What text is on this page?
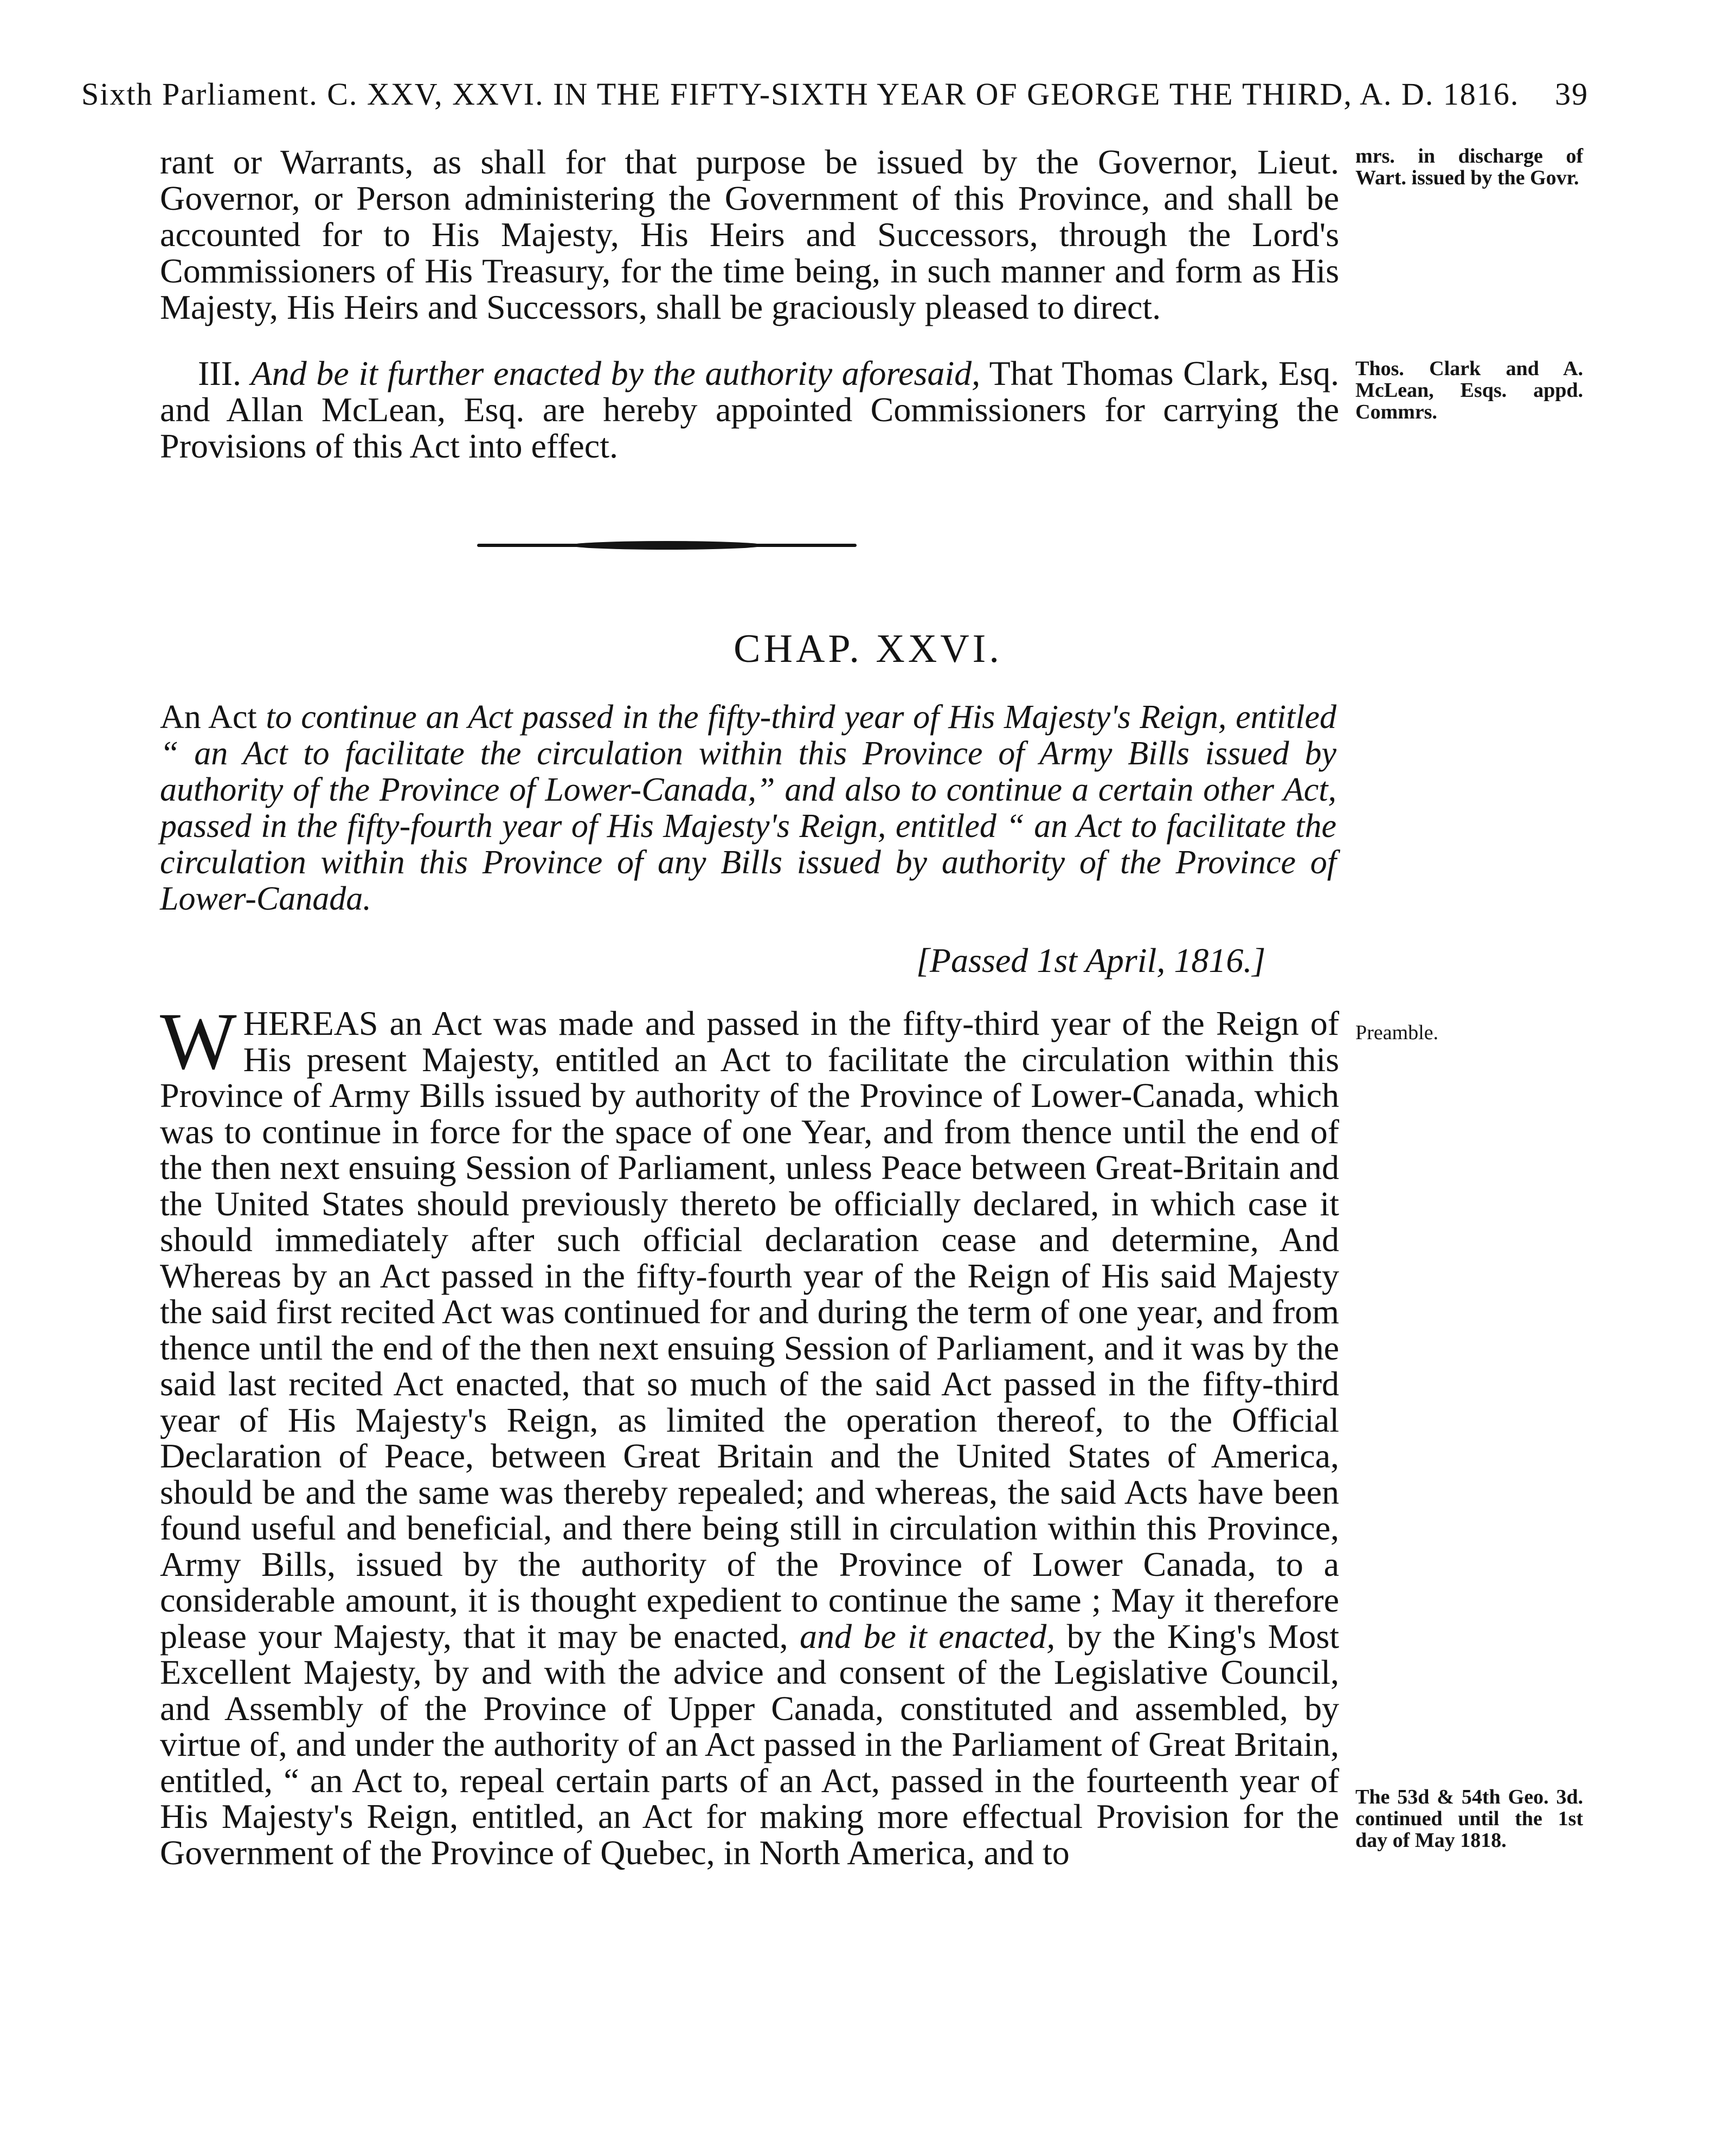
Sixth Parliament. C. XXV, XXVI. IN THE FIFTY-SIXTH YEAR OF GEORGE THE THIRD, A. D. 1816. 39

rant or Warrants, as shall for that purpose be issued by the Governor, Lieut. Governor, or Person administering the Government of this Province, and shall be accounted for to His Majesty, His Heirs and Successors, through the Lord's Commissioners of His Treasury, for the time being, in such manner and form as His Majesty, His Heirs and Successors, shall be graciously pleased to direct.

mrs. in discharge of Wart. issued by the Govr.

III. And be it further enacted by the authority aforesaid, That Thomas Clark, Esq. and Allan McLean, Esq. are hereby appointed Commissioners for carrying the Provisions of this Act into effect.

Thos. Clark and A. McLean, Esqs. appd. Commrs.
CHAP. XXVI.
An Act to continue an Act passed in the fifty-third year of His Majesty's Reign, entitled “ an Act to facilitate the circulation within this Province of Army Bills issued by authority of the Province of Lower-Canada,” and also to continue a certain other Act, passed in the fifty-fourth year of His Majesty's Reign, entitled “ an Act to facilitate the circulation within this Province of any Bills issued by authority of the Province of Lower-Canada.
[Passed 1st April, 1816.]
WHEREAS an Act was made and passed in the fifty-third year of the Reign of His present Majesty, entitled an Act to facilitate the circulation within this Province of Army Bills issued by authority of the Province of Lower-Canada, which was to continue in force for the space of one Year, and from thence until the end of the then next ensuing Session of Parliament, unless Peace between Great-Britain and the United States should previously thereto be officially declared, in which case it should immediately after such official declaration cease and determine, And Whereas by an Act passed in the fifty-fourth year of the Reign of His said Majesty the said first recited Act was continued for and during the term of one year, and from thence until the end of the then next ensuing Session of Parliament, and it was by the said last recited Act enacted, that so much of the said Act passed in the fifty-third year of His Majesty's Reign, as limited the operation thereof, to the Official Declaration of Peace, between Great Britain and the United States of America, should be and the same was thereby repealed; and whereas, the said Acts have been found useful and beneficial, and there being still in circulation within this Province, Army Bills, issued by the authority of the Province of Lower Canada, to a considerable amount, it is thought expedient to continue the same ; May it therefore please your Majesty, that it may be enacted, and be it enacted, by the King's Most Excellent Majesty, by and with the advice and consent of the Legislative Council, and Assembly of the Province of Upper Canada, constituted and assembled, by virtue of, and under the authority of an Act passed in the Parliament of Great Britain, entitled, “ an Act to, repeal certain parts of an Act, passed in the fourteenth year of His Majesty's Reign, entitled, an Act for making more effectual Provision for the Government of the Province of Quebec, in North America, and to
Preamble.
The 53d & 54th Geo. 3d. continued until the 1st day of May 1818.
